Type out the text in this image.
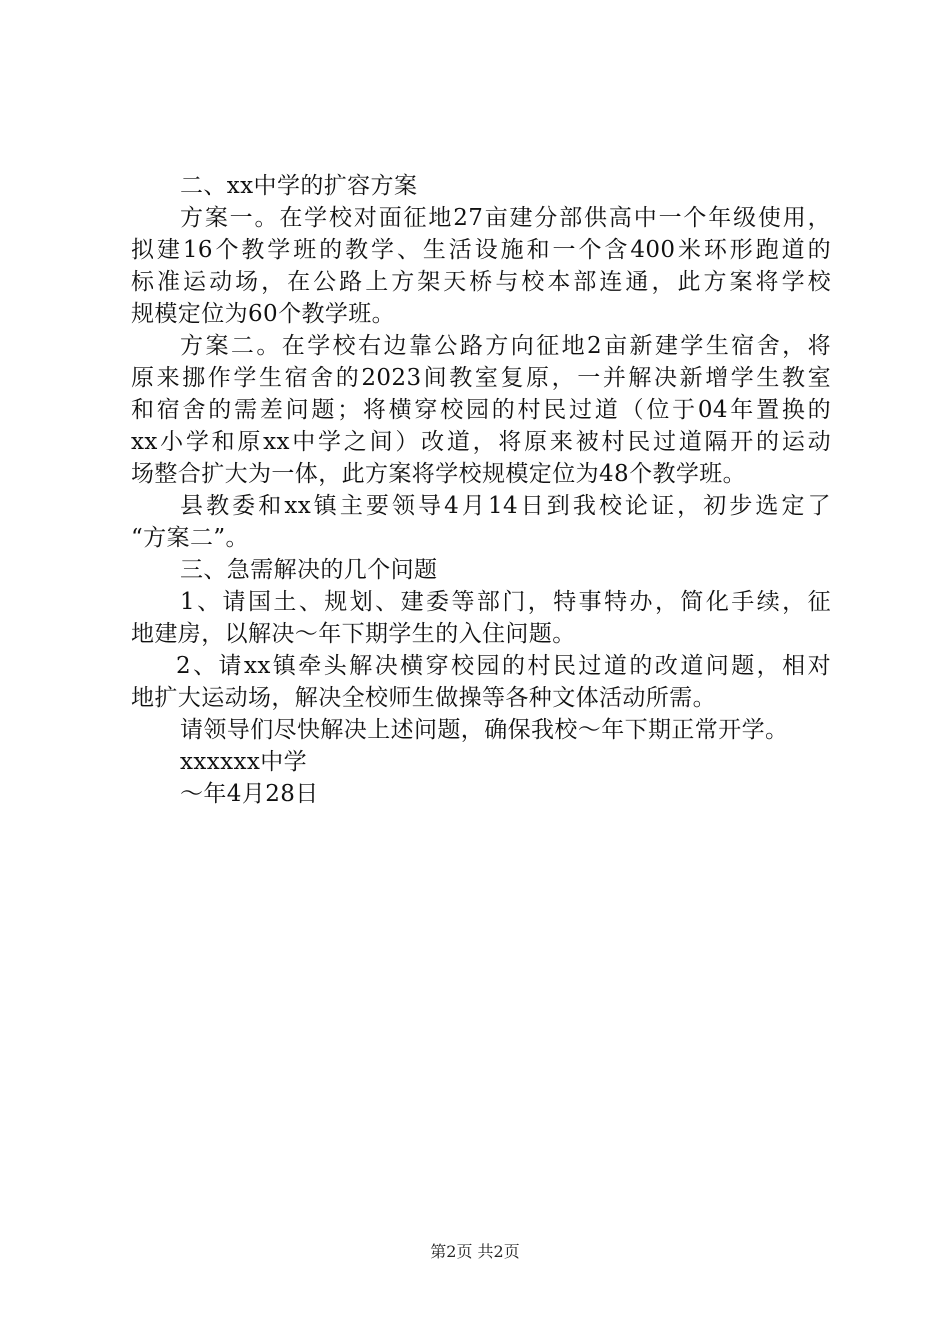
二、xx中学的扩容方案
方案一。在学校对面征地27亩建分部供高中一个年级使用，
拟建16个教学班的教学、生活设施和一个含400米环形跑道的
标准运动场，在公路上方架天桥与校本部连通，此方案将学校
规模定位为60个教学班。
方案二。在学校右边靠公路方向征地2亩新建学生宿舍，将
原来挪作学生宿舍的2023间教室复原，一并解决新增学生教室
和宿舍的需差问题；将横穿校园的村民过道（位于04年置换的
xx小学和原xx中学之间）改道，将原来被村民过道隔开的运动
场整合扩大为一体，此方案将学校规模定位为48个教学班。
县教委和xx镇主要领导4月14日到我校论证，初步选定了
“方案二”。
三、急需解决的几个问题
1、请国土、规划、建委等部门，特事特办，简化手续，征
地建房，以解决～年下期学生的入住问题。
2、请xx镇牵头解决横穿校园的村民过道的改道问题，相对
地扩大运动场，解决全校师生做操等各种文体活动所需。
请领导们尽快解决上述问题，确保我校～年下期正常开学。
xxxxxx中学
～年4月28日
第2页 共2页
